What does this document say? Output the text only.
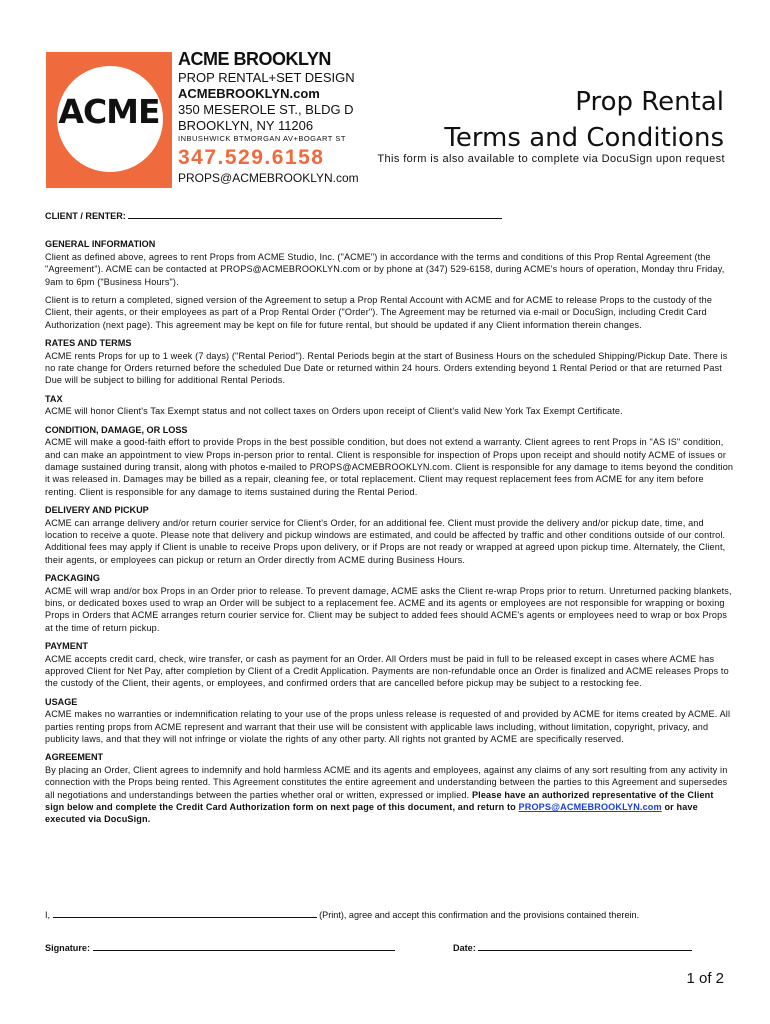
ACME
ACME BROOKLYN
PROP RENTAL+SET DESIGN
ACMEBROOKLYN.com
350 MESEROLE ST., BLDG D
BROOKLYN, NY 11206
INBUSHWICK BTMORGAN AV+BOGART ST
347.529.6158
PROPS@ACMEBROOKLYN.com
Prop Rental
Terms and Conditions
This form is also available to complete via DocuSign upon request
CLIENT / RENTER:
GENERAL INFORMATION

Client as defined above, agrees to rent Props from ACME Studio, Inc. ("ACME") in accordance with the terms and conditions of this Prop Rental Agreement (the "Agreement"). ACME can be contacted at PROPS@ACMEBROOKLYN.com or by phone at (347) 529-6158, during ACME's hours of operation, Monday thru Friday, 9am to 6pm ("Business Hours").

Client is to return a completed, signed version of the Agreement to setup a Prop Rental Account with ACME and for ACME to release Props to the custody of the Client, their agents, or their employees as part of a Prop Rental Order ("Order"). The Agreement may be returned via e-mail or DocuSign, including Credit Card Authorization (next page). This agreement may be kept on file for future rental, but should be updated if any Client information therein changes.

RATES AND TERMS

ACME rents Props for up to 1 week (7 days) ("Rental Period"). Rental Periods begin at the start of Business Hours on the scheduled Shipping/Pickup Date. There is no rate change for Orders returned before the scheduled Due Date or returned within 24 hours. Orders extending beyond 1 Rental Period or that are returned Past Due will be subject to billing for additional Rental Periods.

TAX

ACME will honor Client's Tax Exempt status and not collect taxes on Orders upon receipt of Client's valid New York Tax Exempt Certificate.

CONDITION, DAMAGE, OR LOSS

ACME will make a good-faith effort to provide Props in the best possible condition, but does not extend a warranty. Client agrees to rent Props in "AS IS" condition, and can make an appointment to view Props in-person prior to rental. Client is responsible for inspection of Props upon receipt and should notify ACME of issues or damage sustained during transit, along with photos e-mailed to PROPS@ACMEBROOKLYN.com. Client is responsible for any damage to items beyond the condition it was released in. Damages may be billed as a repair, cleaning fee, or total replacement. Client may request replacement fees from ACME for any item before renting. Client is responsible for any damage to items sustained during the Rental Period.

DELIVERY AND PICKUP

ACME can arrange delivery and/or return courier service for Client's Order, for an additional fee. Client must provide the delivery and/or pickup date, time, and location to receive a quote. Please note that delivery and pickup windows are estimated, and could be affected by traffic and other conditions outside of our control. Additional fees may apply if Client is unable to receive Props upon delivery, or if Props are not ready or wrapped at agreed upon pickup time. Alternately, the Client, their agents, or employees can pickup or return an Order directly from ACME during Business Hours.

PACKAGING

ACME will wrap and/or box Props in an Order prior to release. To prevent damage, ACME asks the Client re-wrap Props prior to return. Unreturned packing blankets, bins, or dedicated boxes used to wrap an Order will be subject to a replacement fee. ACME and its agents or employees are not responsible for wrapping or boxing Props in Orders that ACME arranges return courier service for. Client may be subject to added fees should ACME's agents or employees need to wrap or box Props at the time of return pickup.

PAYMENT

ACME accepts credit card, check, wire transfer, or cash as payment for an Order. All Orders must be paid in full to be released except in cases where ACME has approved Client for Net Pay, after completion by Client of a Credit Application. Payments are non-refundable once an Order is finalized and ACME releases Props to the custody of the Client, their agents, or employees, and confirmed orders that are cancelled before pickup may be subject to a restocking fee.

USAGE

ACME makes no warranties or indemnification relating to your use of the props unless release is requested of and provided by ACME for items created by ACME. All parties renting props from ACME represent and warrant that their use will be consistent with applicable laws including, without limitation, copyright, privacy, and publicity laws, and that they will not infringe or violate the rights of any other party. All rights not granted by ACME are specifically reserved.

AGREEMENT

By placing an Order, Client agrees to indemnify and hold harmless ACME and its agents and employees, against any claims of any sort resulting from any activity in connection with the Props being rented. This Agreement constitutes the entire agreement and understanding between the parties to this Agreement and supersedes all negotiations and understandings between the parties whether oral or written, expressed or implied. Please have an authorized representative of the Client sign below and complete the Credit Card Authorization form on next page of this document, and return to PROPS@ACMEBROOKLYN.com or have executed via DocuSign.

I,	(Print), agree and accept this confirmation and the provisions contained therein.
Signature:	Date:
1 of 2
